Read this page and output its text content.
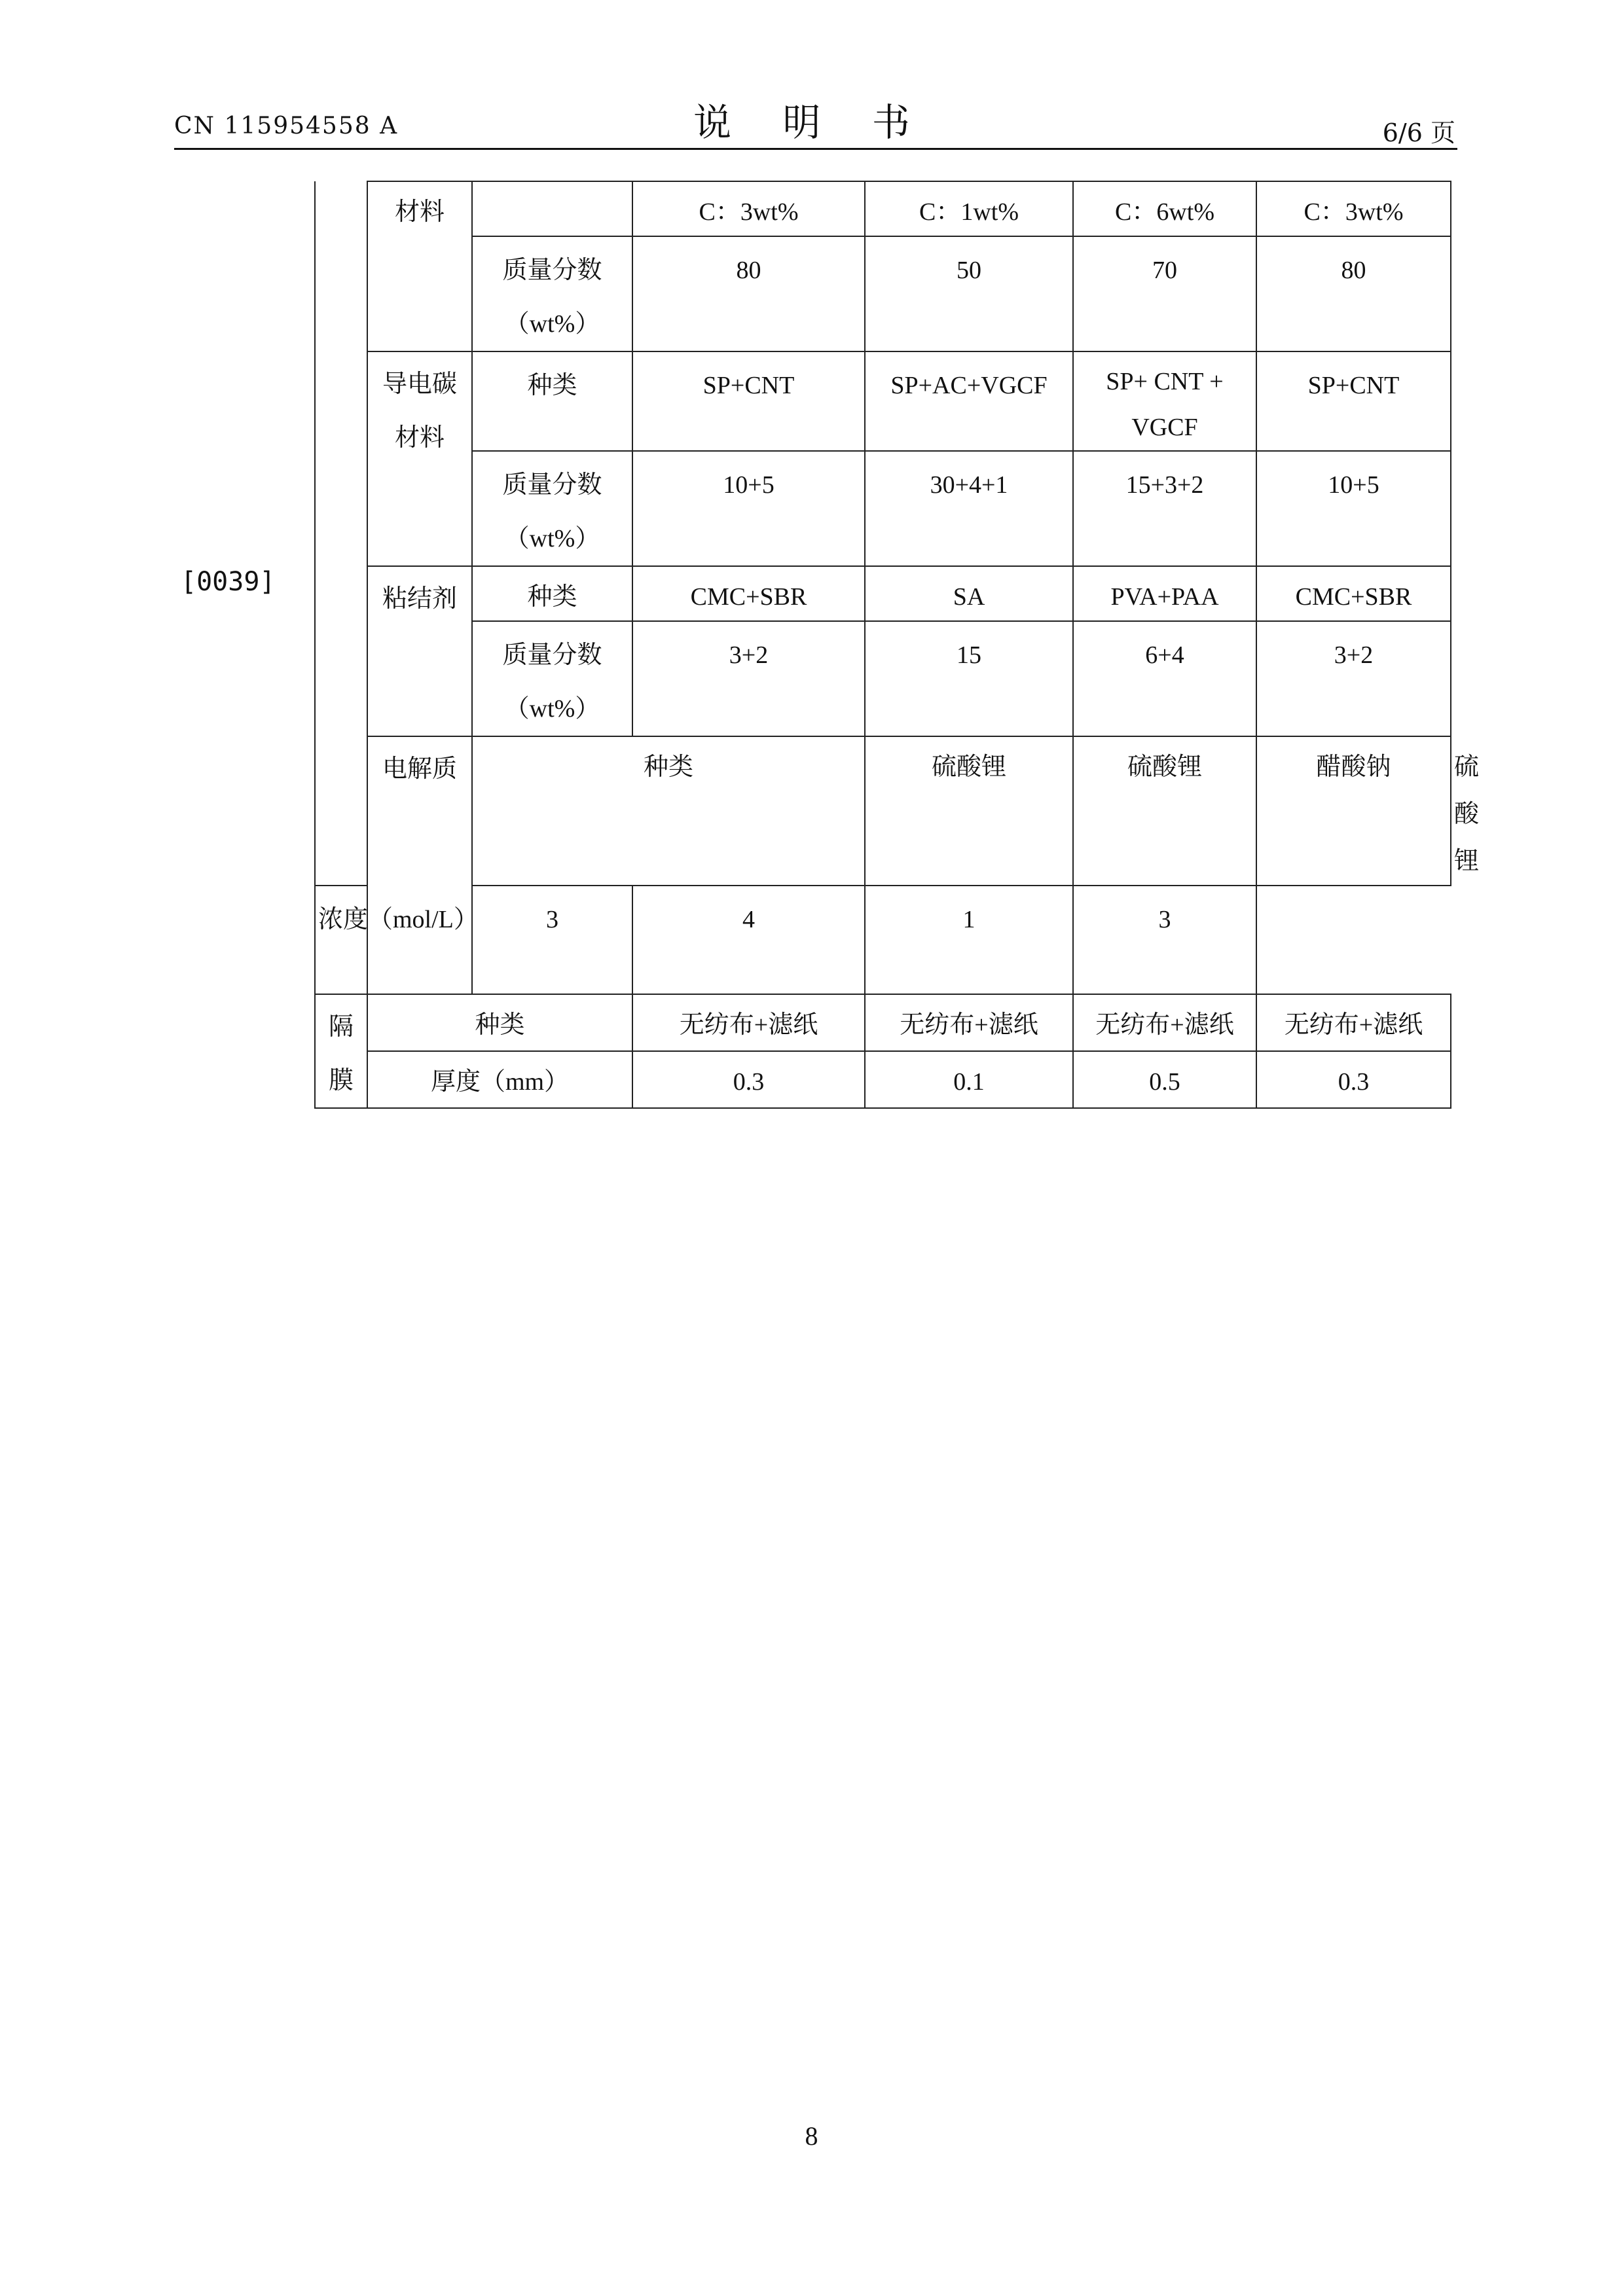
CN 115954558 A	说 明 书	6/6 页
[0039]
	材料		C：3wt%	C：1wt%	C：6wt%	C：3wt%	
		质量分数（wt%）	80	50	70	80	
	导电碳材料	种类	SP+CNT	SP+AC+VGCF	SP+ CNT + VGCF	SP+CNT	
		质量分数（wt%）	10+5	30+4+1	15+3+2	10+5	
	粘结剂	种类	CMC+SBR	SA	PVA+PAA	CMC+SBR	
		质量分数（wt%）	3+2	15	6+4	3+2	
	电解质	种类		硫酸锂	硫酸锂	醋酸钠	硫酸锂
浓度（mol/L）		3	4	1	3		
隔膜	种类		无纺布+滤纸	无纺布+滤纸	无纺布+滤纸	无纺布+滤纸	
	厚度（mm）		0.3	0.1	0.5	0.3	
8
